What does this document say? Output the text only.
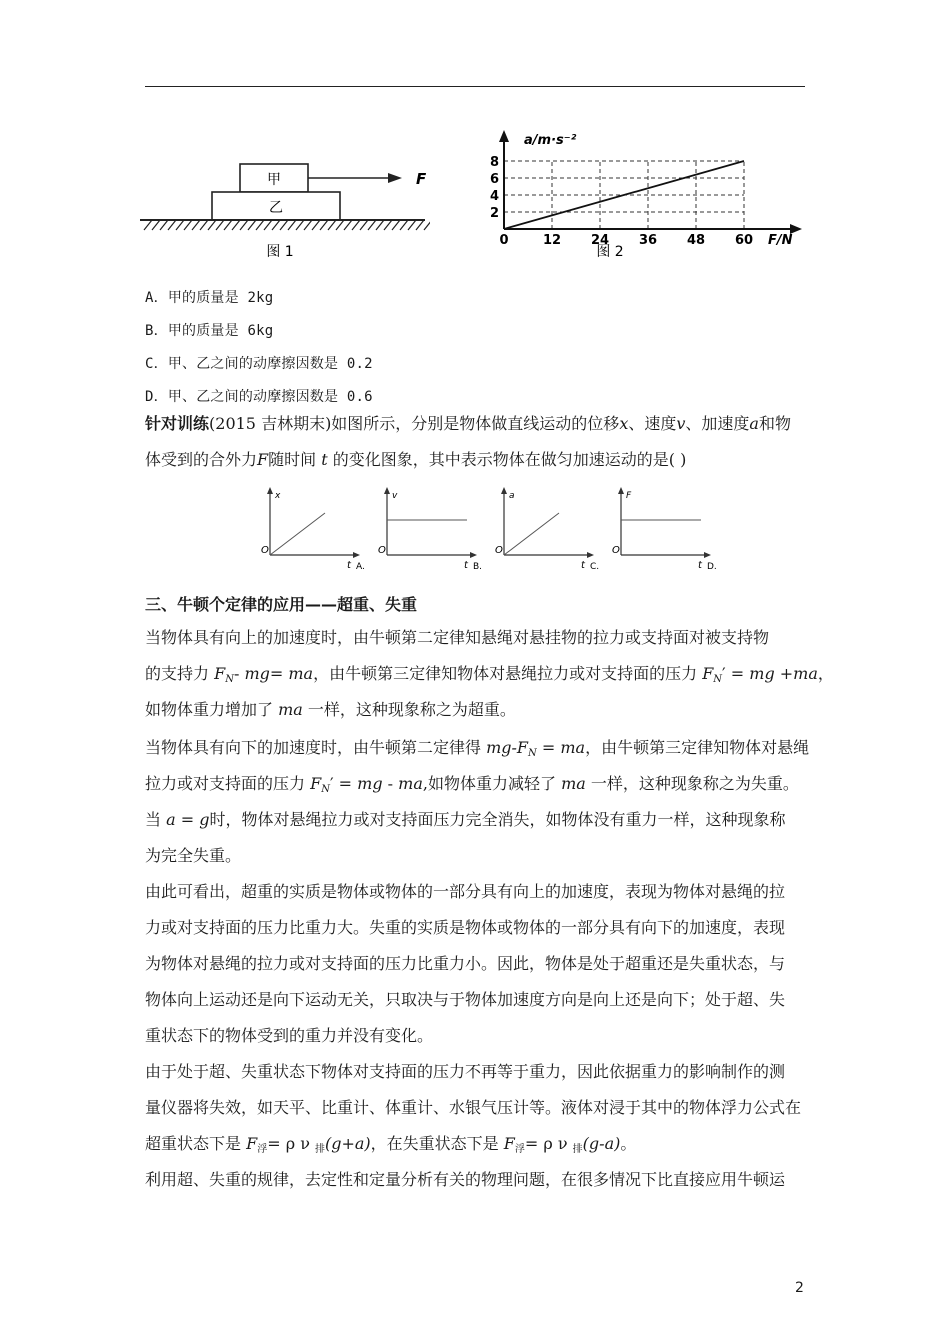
甲
乙
F
图 1
2
4
6
8
12 24 36 48 60
a/m·s⁻²
F/N
0
图 2
A．甲的质量是 2kg
B．甲的质量是 6kg
C．甲、乙之间的动摩擦因数是 0.2
D．甲、乙之间的动摩擦因数是 0.6
针对训练(2015 吉林期末)如图所示，分别是物体做直线运动的位移x、速度v、加速度a和物
体受到的合外力F随时间 t 的变化图象，其中表示物体在做匀加速运动的是( )
x
O
t A.
v
O
t B.
a
O
t C.
F
O
t D.
三、牛顿个定律的应用——超重、失重
当物体具有向上的加速度时，由牛顿第二定律知悬绳对悬挂物的拉力或支持面对被支持物
的支持力 $F_N-$ mg= ma，由牛顿第三定律知物体对悬绳拉力或对支持面的压力 $F_N'$ = mg +ma，
如物体重力增加了 ma 一样，这种现象称之为超重。
当物体具有向下的加速度时，由牛顿第二定律得 $mg-F_N$ = ma，由牛顿第三定律知物体对悬绳
拉力或对支持面的压力 $F_N'$ = mg - ma,如物体重力减轻了 ma 一样，这种现象称之为失重。
当 a = g时，物体对悬绳拉力或对支持面压力完全消失，如物体没有重力一样，这种现象称
为完全失重。
由此可看出，超重的实质是物体或物体的一部分具有向上的加速度，表现为物体对悬绳的拉
力或对支持面的压力比重力大。失重的实质是物体或物体的一部分具有向下的加速度，表现
为物体对悬绳的拉力或对支持面的压力比重力小。因此，物体是处于超重还是失重状态，与
物体向上运动还是向下运动无关，只取决与于物体加速度方向是向上还是向下；处于超、失
重状态下的物体受到的重力并没有变化。
由于处于超、失重状态下物体对支持面的压力不再等于重力，因此依据重力的影响制作的测
量仪器将失效，如天平、比重计、体重计、水银气压计等。液体对浸于其中的物体浮力公式在
超重状态下是 $F_浮= \rho$ ν $_排$(g+a)，在失重状态下是 $F_浮= \rho$ ν $_排$(g-a)。
利用超、失重的规律，去定性和定量分析有关的物理问题，在很多情况下比直接应用牛顿运
2
